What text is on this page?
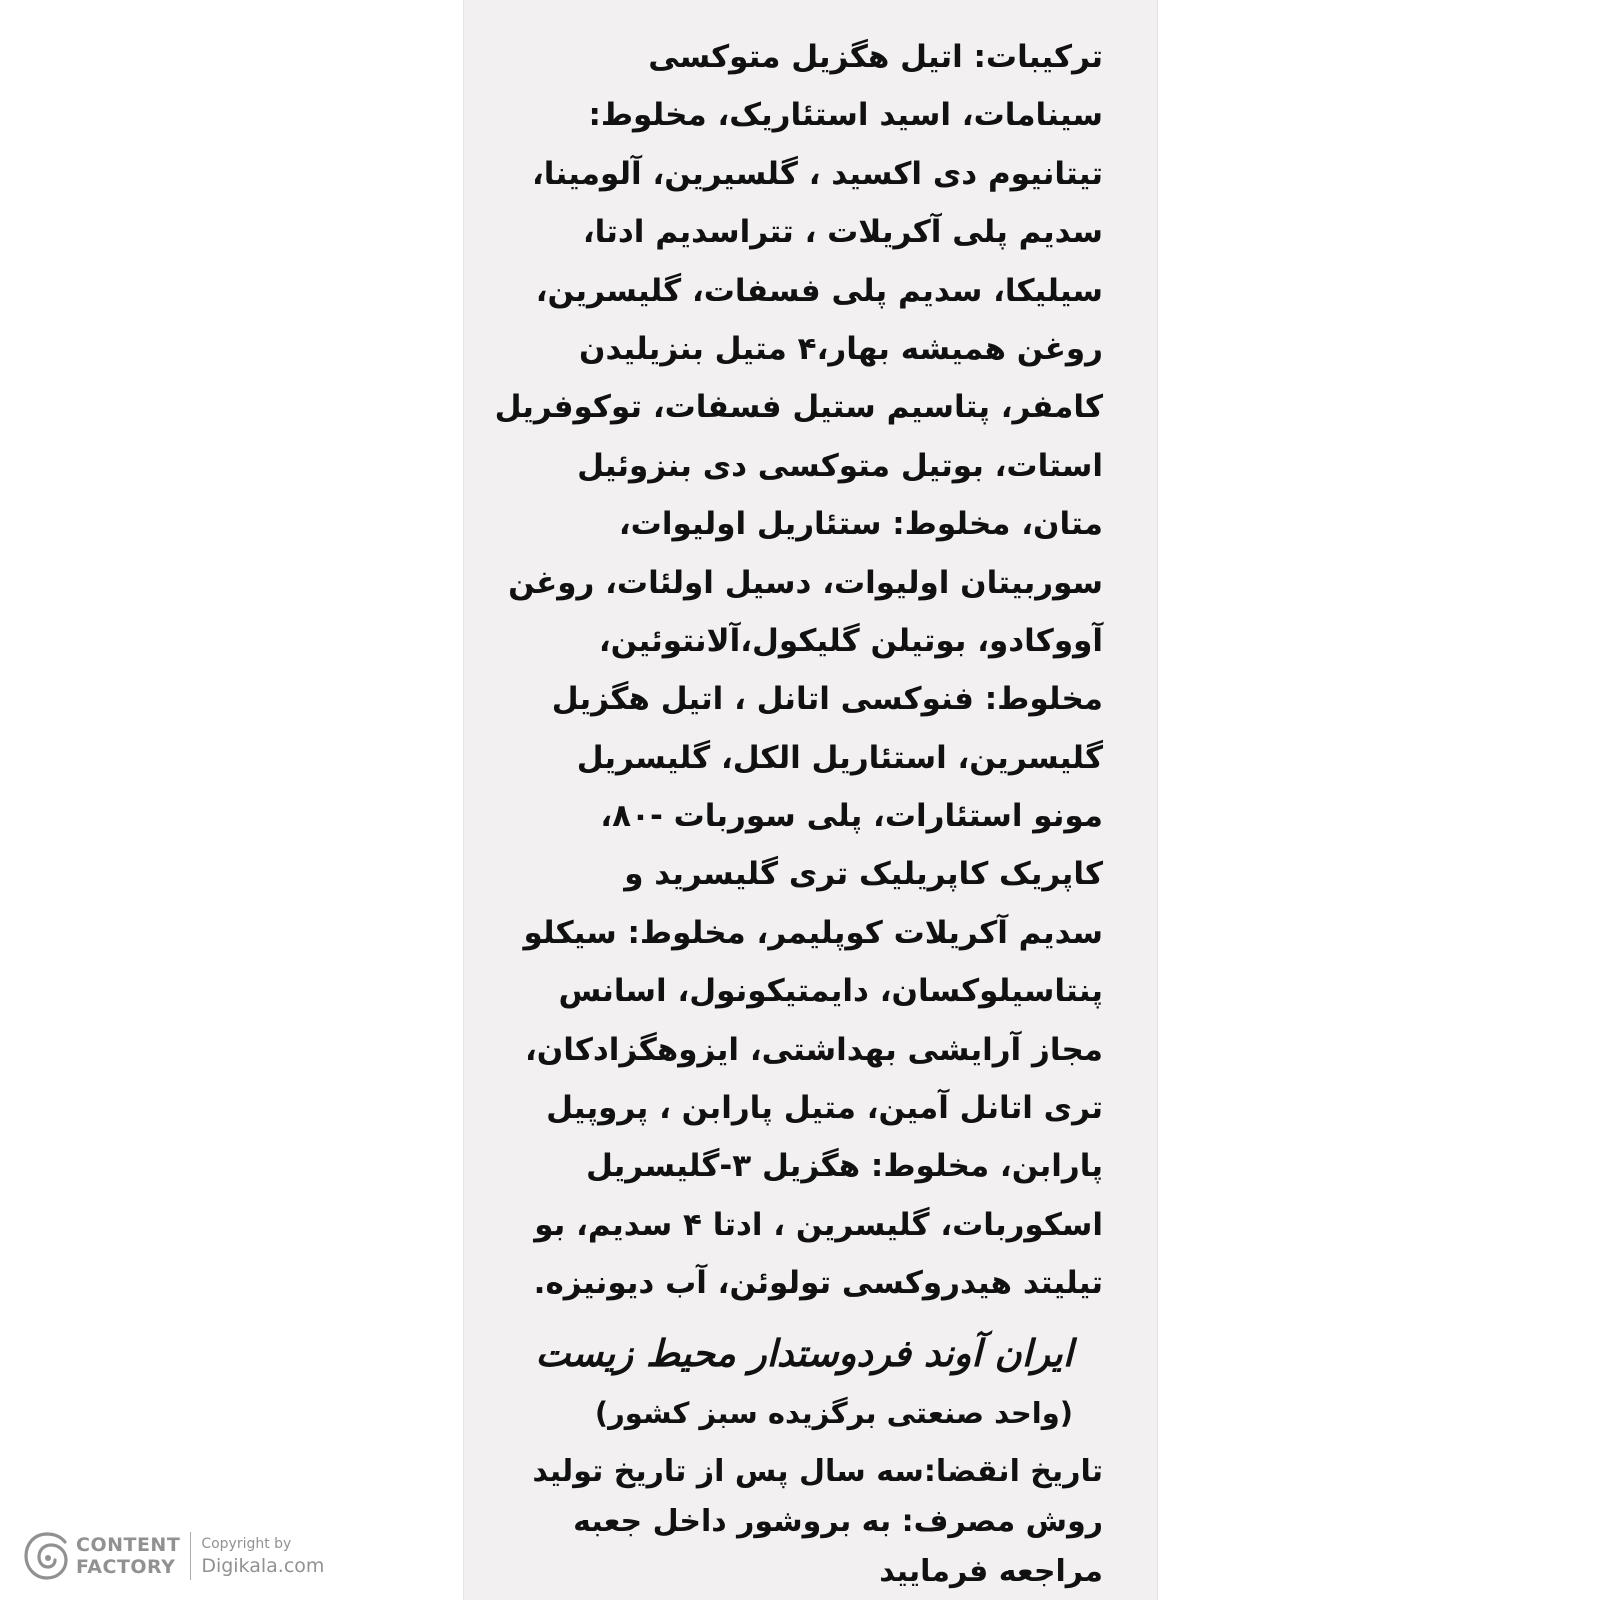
ترکیبات: اتیل هگزیل متوکسی
سینامات، اسید استئاریک، مخلوط:
تیتانیوم دی اکسید ، گلسیرین، آلومینا،
سدیم پلی آکریلات ، تتراسدیم ادتا،
سیلیکا، سدیم پلی فسفات، گلیسرین،
روغن همیشه بهار،۴ متیل بنزیلیدن
کامفر، پتاسیم ستیل فسفات، توکوفریل
استات، بوتیل متوکسی دی بنزوئیل
متان، مخلوط: ستئاریل اولیوات،
سوربیتان اولیوات، دسیل اولئات، روغن
آووکادو، بوتیلن گلیکول،آلانتوئین،
مخلوط: فنوکسی اتانل ، اتیل هگزیل
گلیسرین، استئاریل الکل، گلیسریل
مونو استئارات، پلی سوربات -۸۰،
کاپریک کاپریلیک تری گلیسرید و
سدیم آکریلات کوپلیمر، مخلوط: سیکلو
پنتاسیلوکسان، دایمتیکونول، اسانس
مجاز آرایشی بهداشتی، ایزوهگزادکان،
تری اتانل آمین، متیل پارابن ، پروپیل
پارابن، مخلوط: هگزیل ۳-گلیسریل
اسکوربات، گلیسرین ، ادتا ۴ سدیم، بو
تیلیتد هیدروکسی تولوئن، آب دیونیزه.
ایران آوند فردوستدار محیط زیست
(واحد صنعتی برگزیده سبز کشور)
تاریخ انقضا:سه سال پس از تاریخ تولید
روش مصرف: به بروشور داخل جعبه
CONTENT
FACTORY
Copyright by
Digikala.com
